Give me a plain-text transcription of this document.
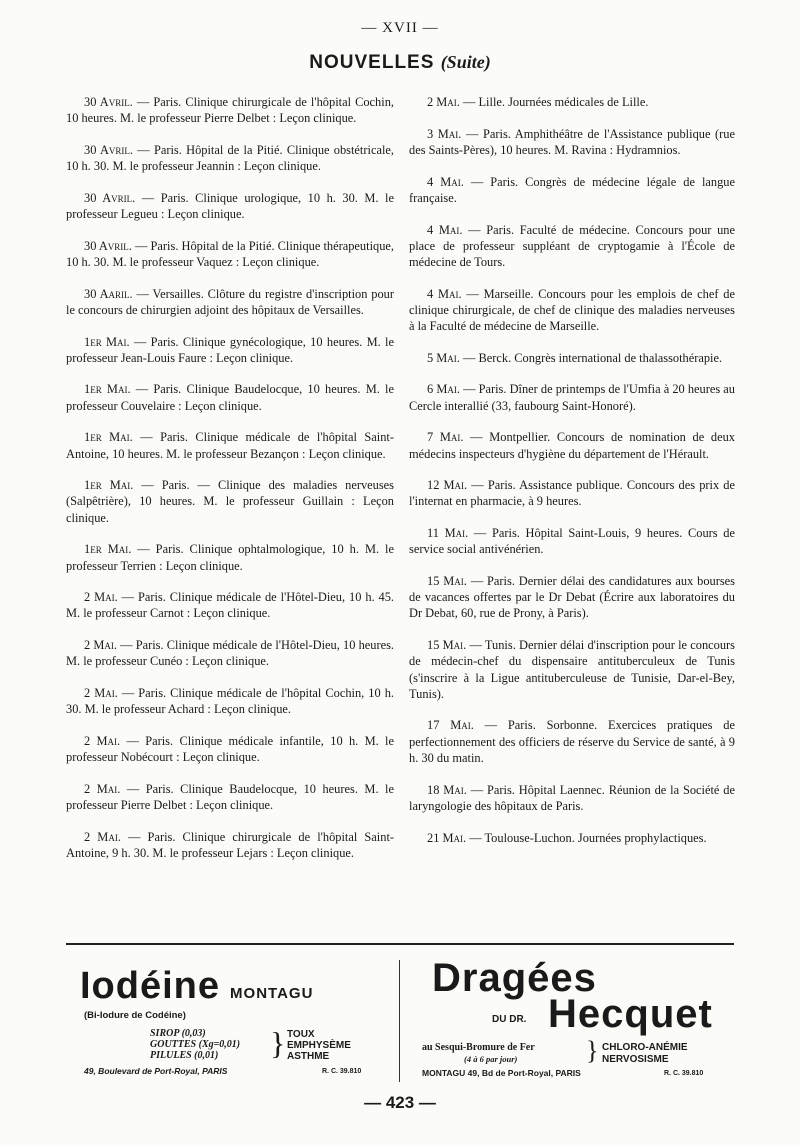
— XVII —
NOUVELLES (Suite)

30 Avril. — Paris. Clinique chirurgicale de l'hôpital Cochin, 10 heures. M. le professeur Pierre Delbet : Leçon clinique.

30 Avril. — Paris. Hôpital de la Pitié. Clinique obstétricale, 10 h. 30. M. le professeur Jeannin : Leçon clinique.

30 Avril. — Paris. Clinique urologique, 10 h. 30. M. le professeur Legueu : Leçon clinique.

30 Avril. — Paris. Hôpital de la Pitié. Clinique thérapeutique, 10 h. 30. M. le professeur Vaquez : Leçon clinique.

30 Aaril. — Versailles. Clôture du registre d'inscription pour le concours de chirurgien adjoint des hôpitaux de Versailles.

1er Mai. — Paris. Clinique gynécologique, 10 heures. M. le professeur Jean-Louis Faure : Leçon clinique.

1er Mai. — Paris. Clinique Baudelocque, 10 heures. M. le professeur Couvelaire : Leçon clinique.

1er Mai. — Paris. Clinique médicale de l'hôpital Saint-Antoine, 10 heures. M. le professeur Bezançon : Leçon clinique.

1er Mai. — Paris. — Clinique des maladies nerveuses (Salpêtrière), 10 heures. M. le professeur Guillain : Leçon clinique.

1er Mai. — Paris. Clinique ophtalmologique, 10 h. M. le professeur Terrien : Leçon clinique.

2 Mai. — Paris. Clinique médicale de l'Hôtel-Dieu, 10 h. 45. M. le professeur Carnot : Leçon clinique.

2 Mai. — Paris. Clinique médicale de l'Hôtel-Dieu, 10 heures. M. le professeur Cunéo : Leçon clinique.

2 Mai. — Paris. Clinique médicale de l'hôpital Cochin, 10 h. 30. M. le professeur Achard : Leçon clinique.

2 Mai. — Paris. Clinique médicale infantile, 10 h. M. le professeur Nobécourt : Leçon clinique.

2 Mai. — Paris. Clinique Baudelocque, 10 heures. M. le professeur Pierre Delbet : Leçon clinique.

2 Mai. — Paris. Clinique chirurgicale de l'hôpital Saint-Antoine, 9 h. 30. M. le professeur Lejars : Leçon clinique.

2 Mai. — Lille. Journées médicales de Lille.

3 Mai. — Paris. Amphithéâtre de l'Assistance publique (rue des Saints-Pères), 10 heures. M. Ravina : Hydramnios.

4 Mai. — Paris. Congrès de médecine légale de langue française.

4 Mai. — Paris. Faculté de médecine. Concours pour une place de professeur suppléant de cryptogamie à l'École de médecine de Tours.

4 Mai. — Marseille. Concours pour les emplois de chef de clinique chirurgicale, de chef de clinique des maladies nerveuses à la Faculté de médecine de Marseille.

5 Mai. — Berck. Congrès international de thalassothérapie.

6 Mai. — Paris. Dîner de printemps de l'Umfia à 20 heures au Cercle interallié (33, faubourg Saint-Honoré).

7 Mai. — Montpellier. Concours de nomination de deux médecins inspecteurs d'hygiène du département de l'Hérault.

12 Mai. — Paris. Assistance publique. Concours des prix de l'internat en pharmacie, à 9 heures.

11 Mai. — Paris. Hôpital Saint-Louis, 9 heures. Cours de service social antivénérien.

15 Mai. — Paris. Dernier délai des candidatures aux bourses de vacances offertes par le Dr Debat (Écrire aux laboratoires du Dr Debat, 60, rue de Prony, à Paris).

15 Mai. — Tunis. Dernier délai d'inscription pour le concours de médecin-chef du dispensaire antituberculeux de Tunis (s'inscrire à la Ligue antituberculeuse de Tunisie, Dar-el-Bey, Tunis).

17 Mai. — Paris. Sorbonne. Exercices pratiques de perfectionnement des officiers de réserve du Service de santé, à 9 h. 30 du matin.

18 Mai. — Paris. Hôpital Laennec. Réunion de la Société de laryngologie des hôpitaux de Paris.

21 Mai. — Toulouse-Luchon. Journées prophylactiques.

Iodéine MONTAGU
(Bi-Iodure de Codéine)
SIROP (0,03)
GOUTTES (Xg=0,01)
PILULES (0,01)	} TOUX
EMPHYSÈME
ASTHME
49, Boulevard de Port-Royal, PARIS	R. C. 39.810
Dragées
DU DR. Hecquet
au Sesqui-Bromure de Fer
(4 à 6 par jour)	} CHLORO-ANÉMIE
NERVOSISME
MONTAGU 49, Bd de Port-Royal, PARIS	R. C. 39.810
— 423 —
